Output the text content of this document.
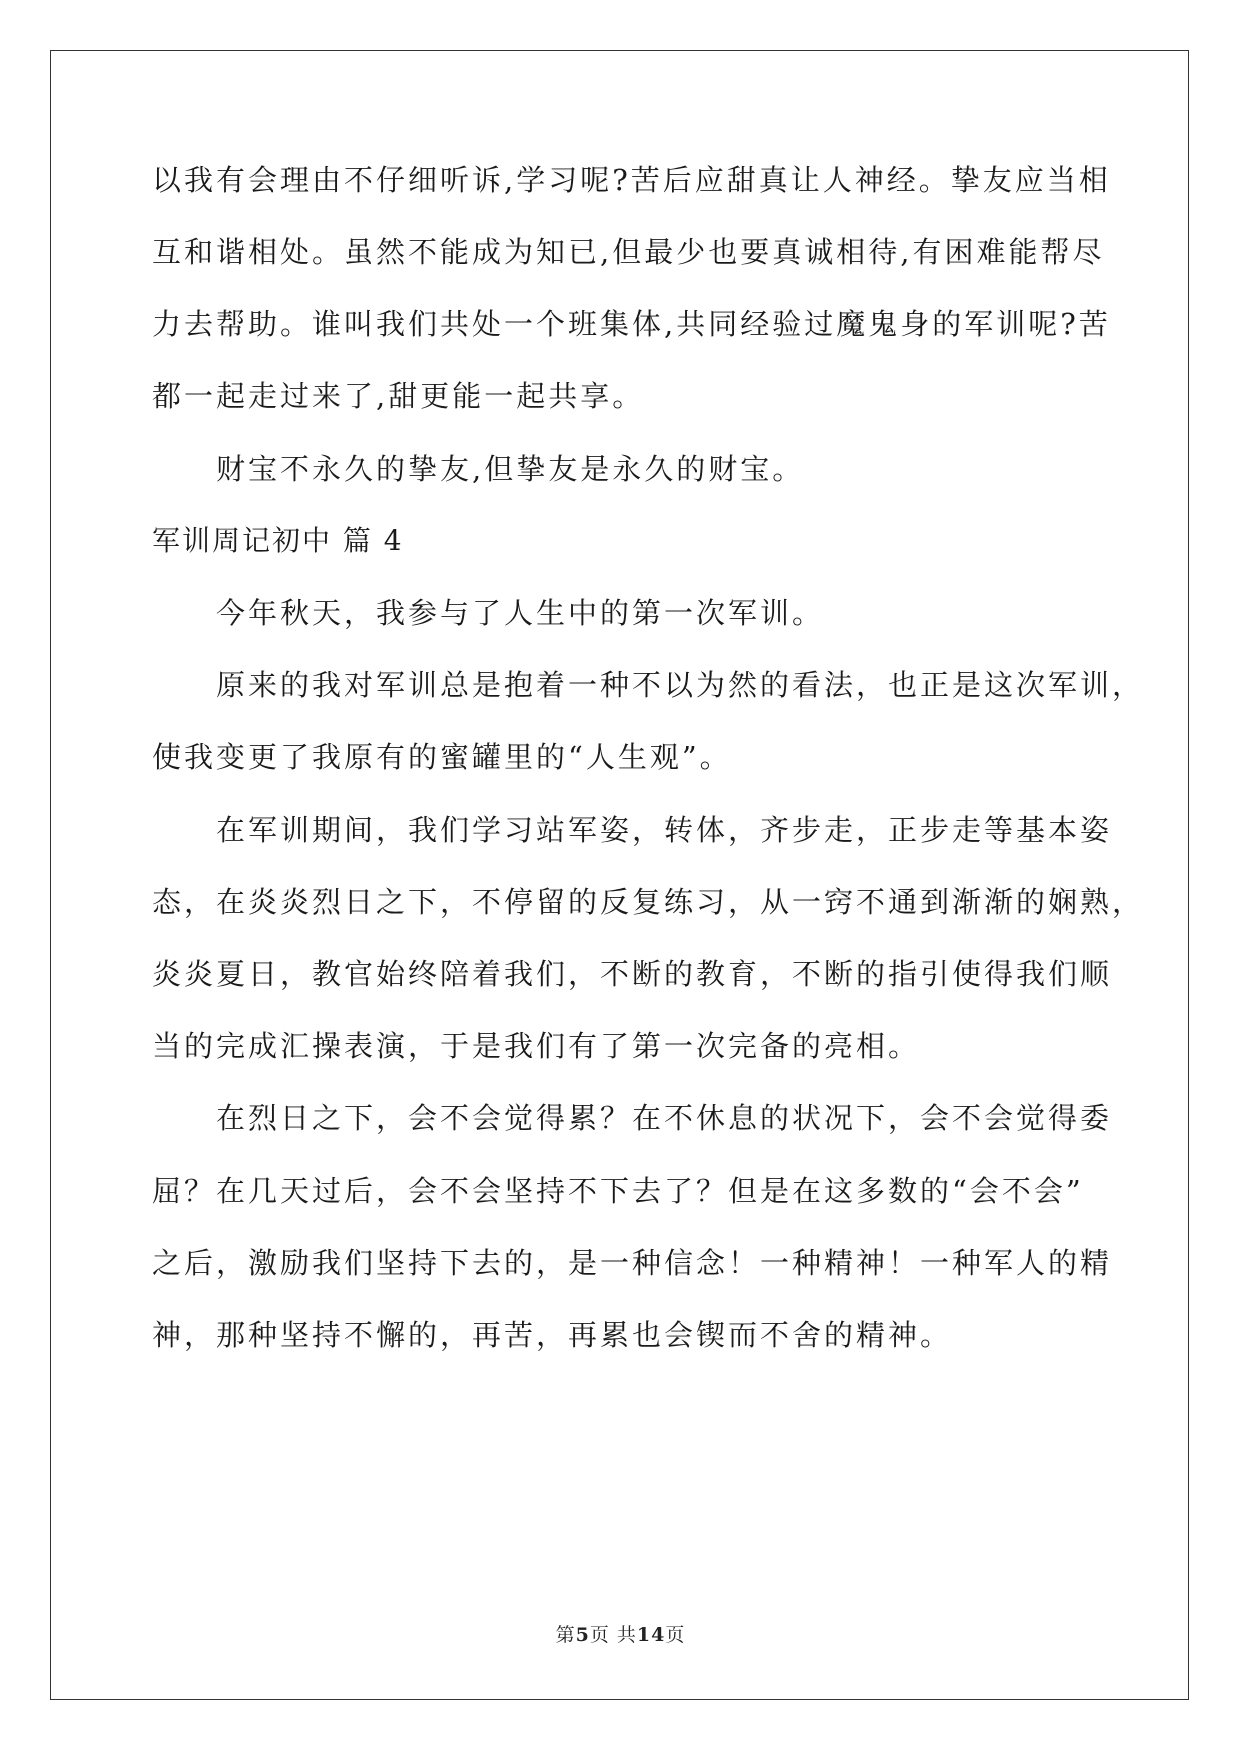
以我有会理由不仔细听诉,学习呢?苦后应甜真让人神经。挚友应当相
互和谐相处。虽然不能成为知已,但最少也要真诚相待,有困难能帮尽
力去帮助。谁叫我们共处一个班集体,共同经验过魔鬼身的军训呢?苦
都一起走过来了,甜更能一起共享。
财宝不永久的挚友,但挚友是永久的财宝。
军训周记初中 篇 4
今年秋天，我参与了人生中的第一次军训。
原来的我对军训总是抱着一种不以为然的看法，也正是这次军训，
使我变更了我原有的蜜罐里的“人生观”。
在军训期间，我们学习站军姿，转体，齐步走，正步走等基本姿
态，在炎炎烈日之下，不停留的反复练习，从一窍不通到渐渐的娴熟，
炎炎夏日，教官始终陪着我们，不断的教育，不断的指引使得我们顺
当的完成汇操表演，于是我们有了第一次完备的亮相。
在烈日之下，会不会觉得累？在不休息的状况下，会不会觉得委
屈？在几天过后，会不会坚持不下去了？但是在这多数的“会不会”
之后，激励我们坚持下去的，是一种信念！一种精神！一种军人的精
神，那种坚持不懈的，再苦，再累也会锲而不舍的精神。
第5页 共14页
